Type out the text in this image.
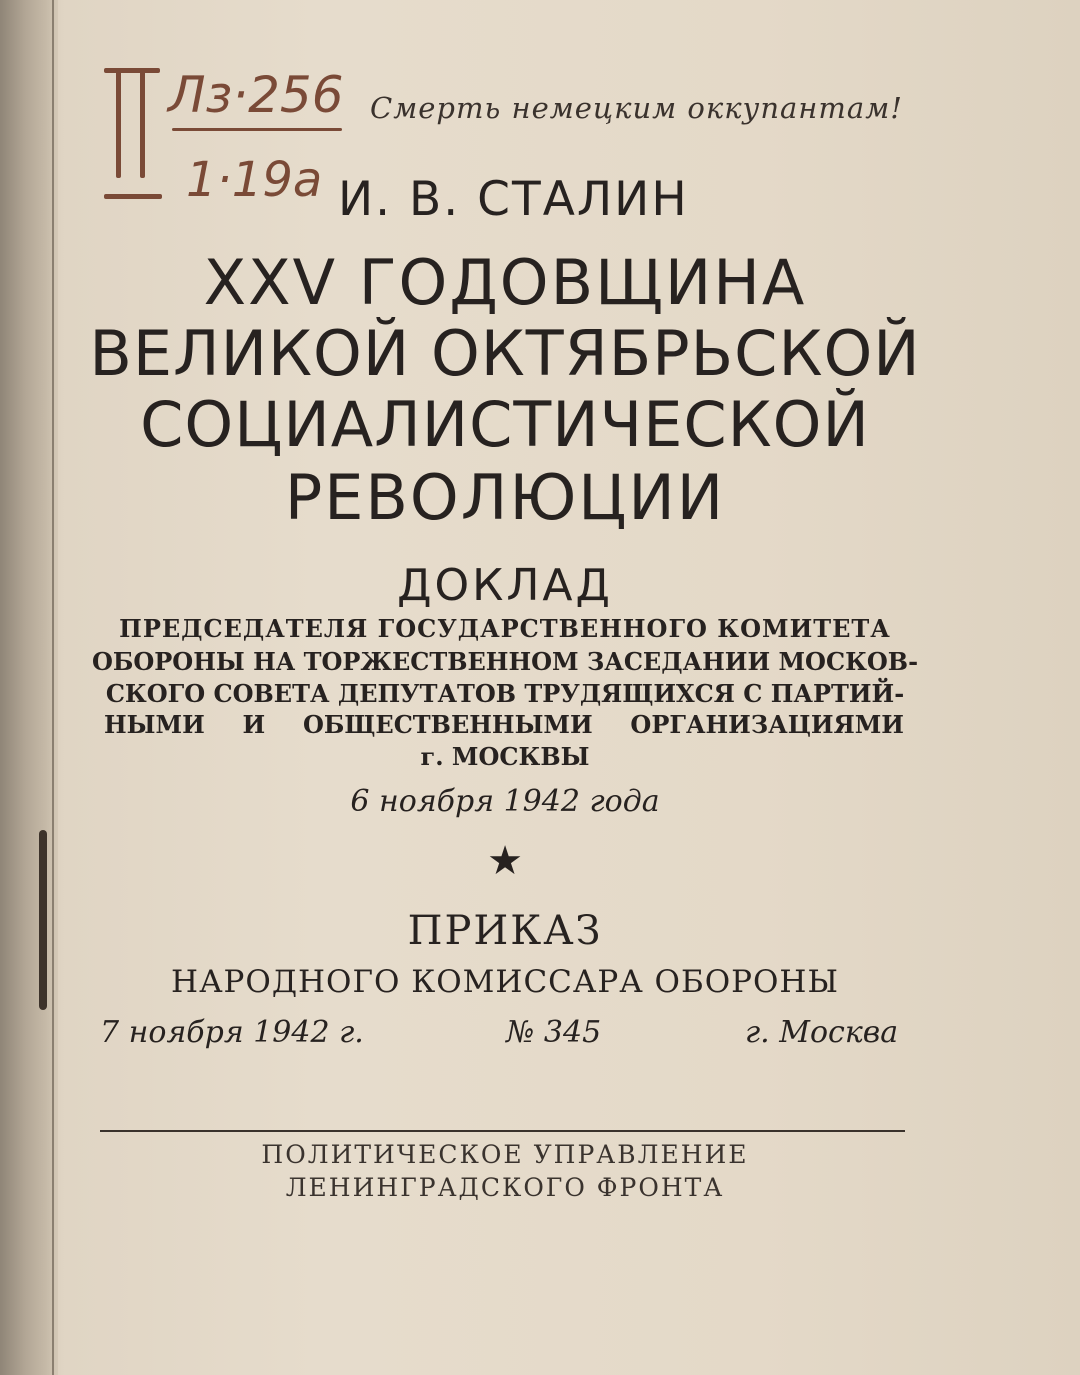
Лз·256
1·19а
Смерть немецким оккупантам!
И. В. СТАЛИН
XXV ГОДОВЩИНА
ВЕЛИКОЙ ОКТЯБРЬСКОЙ
СОЦИАЛИСТИЧЕСКОЙ
РЕВОЛЮЦИИ
ДОКЛАД
ПРЕДСЕДАТЕЛЯ ГОСУДАРСТВЕННОГО КОМИТЕТА
ОБОРОНЫ НА ТОРЖЕСТВЕННОМ ЗАСЕДАНИИ МОСКОВ-
СКОГО СОВЕТА ДЕПУТАТОВ ТРУДЯЩИХСЯ С ПАРТИЙ-
НЫМИ И ОБЩЕСТВЕННЫМИ ОРГАНИЗАЦИЯМИ
г. МОСКВЫ
6 ноября 1942 года
★
ПРИКАЗ
НАРОДНОГО КОМИССАРА ОБОРОНЫ
7 ноября 1942 г.	№ 345	г. Москва
ПОЛИТИЧЕСКОЕ УПРАВЛЕНИЕ
ЛЕНИНГРАДСКОГО ФРОНТА
